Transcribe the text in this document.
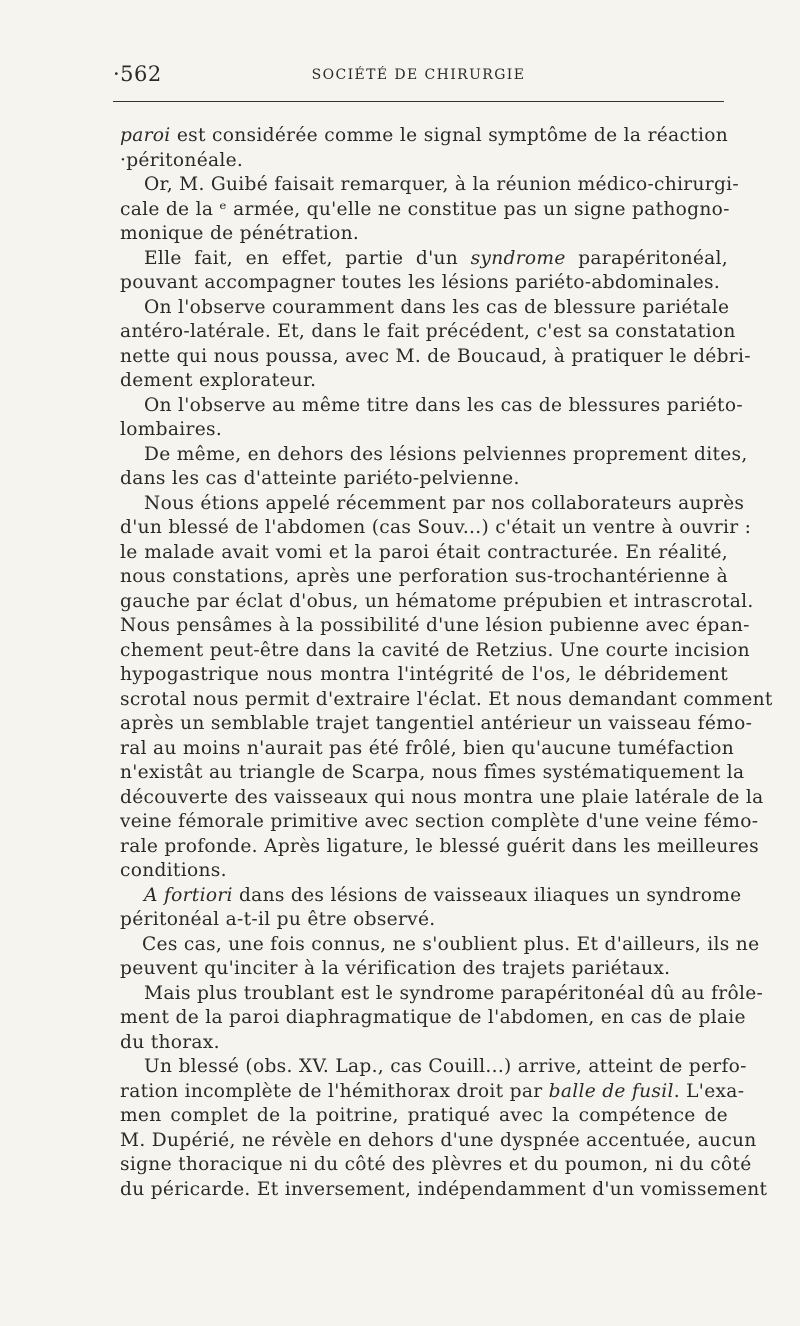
·562	SOCIÉTÉ DE CHIRURGIE
paroi est considérée comme le signal symptôme de la réaction
·péritonéale.
Or, M. Guibé faisait remarquer, à la réunion médico-chirurgi-
cale de la ᵉ armée, qu'elle ne constitue pas un signe pathogno-
monique de pénétration.
Elle fait, en effet, partie d'un syndrome parapéritonéal,
pouvant accompagner toutes les lésions pariéto-abdominales.
On l'observe couramment dans les cas de blessure pariétale
antéro-latérale. Et, dans le fait précédent, c'est sa constatation
nette qui nous poussa, avec M. de Boucaud, à pratiquer le débri-
dement explorateur.
On l'observe au même titre dans les cas de blessures pariéto-
lombaires.
De même, en dehors des lésions pelviennes proprement dites,
dans les cas d'atteinte pariéto-pelvienne.
Nous étions appelé récemment par nos collaborateurs auprès
d'un blessé de l'abdomen (cas Souv...) c'était un ventre à ouvrir :
le malade avait vomi et la paroi était contracturée. En réalité,
nous constations, après une perforation sus-trochantérienne à
gauche par éclat d'obus, un hématome prépubien et intrascrotal.
Nous pensâmes à la possibilité d'une lésion pubienne avec épan-
chement peut-être dans la cavité de Retzius. Une courte incision
hypogastrique nous montra l'intégrité de l'os, le débridement
scrotal nous permit d'extraire l'éclat. Et nous demandant comment
après un semblable trajet tangentiel antérieur un vaisseau fémo-
ral au moins n'aurait pas été frôlé, bien qu'aucune tuméfaction
n'existât au triangle de Scarpa, nous fîmes systématiquement la
découverte des vaisseaux qui nous montra une plaie latérale de la
veine fémorale primitive avec section complète d'une veine fémo-
rale profonde. Après ligature, le blessé guérit dans les meilleures
conditions.
A fortiori dans des lésions de vaisseaux iliaques un syndrome
péritonéal a-t-il pu être observé.
Ces cas, une fois connus, ne s'oublient plus. Et d'ailleurs, ils ne
peuvent qu'inciter à la vérification des trajets pariétaux.
Mais plus troublant est le syndrome parapéritonéal dû au frôle-
ment de la paroi diaphragmatique de l'abdomen, en cas de plaie
du thorax.
Un blessé (obs. XV. Lap., cas Couill...) arrive, atteint de perfo-
ration incomplète de l'hémithorax droit par balle de fusil. L'exa-
men complet de la poitrine, pratiqué avec la compétence de
M. Dupérié, ne révèle en dehors d'une dyspnée accentuée, aucun
signe thoracique ni du côté des plèvres et du poumon, ni du côté
du péricarde. Et inversement, indépendamment d'un vomissement
